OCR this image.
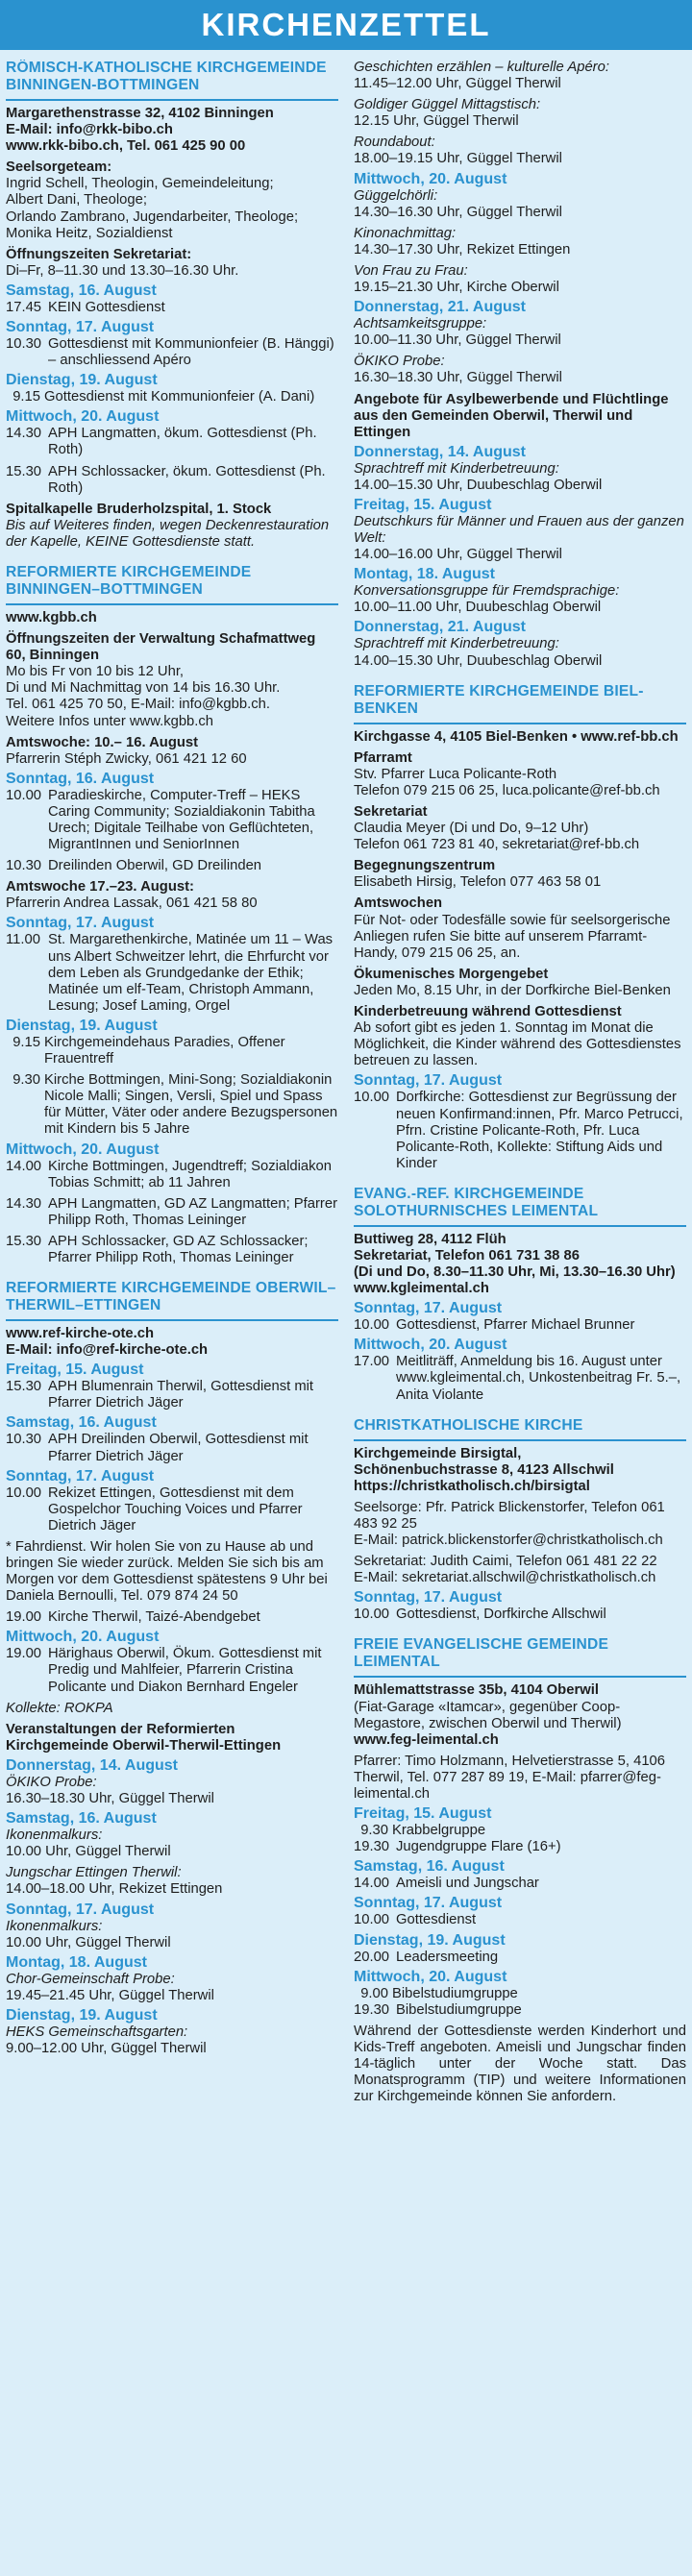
KIRCHENZETTEL
RÖMISCH-KATHOLISCHE KIRCHGEMEINDE BINNINGEN-BOTTMINGEN
Margarethenstrasse 32, 4102 Binningen
E-Mail: info@rkk-bibo.ch
www.rkk-bibo.ch, Tel. 061 425 90 00
Seelsorgeteam:
Ingrid Schell, Theologin, Gemeindeleitung;
Albert Dani, Theologe;
Orlando Zambrano, Jugendarbeiter, Theologe;
Monika Heitz, Sozialdienst
Öffnungszeiten Sekretariat:
Di–Fr, 8–11.30 und 13.30–16.30 Uhr.
Samstag, 16. August
17.45 KEIN Gottesdienst
Sonntag, 17. August
10.30 Gottesdienst mit Kommunionfeier (B. Hänggi) – anschliessend Apéro
Dienstag, 19. August
9.15 Gottesdienst mit Kommunionfeier (A. Dani)
Mittwoch, 20. August
14.30 APH Langmatten, ökum. Gottesdienst (Ph. Roth)
15.30 APH Schlossacker, ökum. Gottesdienst (Ph. Roth)
Spitalkapelle Bruderholzspital, 1. Stock
Bis auf Weiteres finden, wegen Deckenrestauration der Kapelle, KEINE Gottesdienste statt.
REFORMIERTE KIRCHGEMEINDE BINNINGEN–BOTTMINGEN
www.kgbb.ch
Öffnungszeiten der Verwaltung Schafmattweg 60, Binningen
Mo bis Fr von 10 bis 12 Uhr,
Di und Mi Nachmittag von 14 bis 16.30 Uhr.
Tel. 061 425 70 50, E-Mail: info@kgbb.ch.
Weitere Infos unter www.kgbb.ch
Amtswoche: 10.– 16. August
Pfarrerin Stéph Zwicky, 061 421 12 60
Sonntag, 16. August
10.00 Paradieskirche, Computer-Treff – HEKS Caring Community; Sozialdiakonin Tabitha Urech; Digitale Teilhabe von Geflüchteten, MigrantInnen und SeniorInnen
10.30 Dreilinden Oberwil, GD Dreilinden
Amtswoche 17.–23. August:
Pfarrerin Andrea Lassak, 061 421 58 80
Sonntag, 17. August
11.00 St. Margarethenkirche, Matinée um 11 – Was uns Albert Schweitzer lehrt, die Ehrfurcht vor dem Leben als Grundgedanke der Ethik; Matinée um elf-Team, Christoph Ammann, Lesung; Josef Laming, Orgel
Dienstag, 19. August
9.15 Kirchgemeindehaus Paradies, Offener Frauentreff
9.30 Kirche Bottmingen, Mini-Song; Sozialdiakonin Nicole Malli; Singen, Versli, Spiel und Spass für Mütter, Väter oder andere Bezugspersonen mit Kindern bis 5 Jahre
Mittwoch, 20. August
14.00 Kirche Bottmingen, Jugendtreff; Sozialdiakon Tobias Schmitt; ab 11 Jahren
14.30 APH Langmatten, GD AZ Langmatten; Pfarrer Philipp Roth, Thomas Leininger
15.30 APH Schlossacker, GD AZ Schlossacker; Pfarrer Philipp Roth, Thomas Leininger
REFORMIERTE KIRCHGEMEINDE OBERWIL–THERWIL–ETTINGEN
www.ref-kirche-ote.ch
E-Mail: info@ref-kirche-ote.ch
Freitag, 15. August
15.30 APH Blumenrain Therwil, Gottesdienst mit Pfarrer Dietrich Jäger
Samstag, 16. August
10.30 APH Dreilinden Oberwil, Gottesdienst mit Pfarrer Dietrich Jäger
Sonntag, 17. August
10.00 Rekizet Ettingen, Gottesdienst mit dem Gospelchor Touching Voices und Pfarrer Dietrich Jäger
* Fahrdienst. Wir holen Sie von zu Hause ab und bringen Sie wieder zurück. Melden Sie sich bis am Morgen vor dem Gottesdienst spätestens 9 Uhr bei Daniela Bernoulli, Tel. 079 874 24 50
19.00 Kirche Therwil, Taizé-Abendgebet
Mittwoch, 20. August
19.00 Härighaus Oberwil, Ökum. Gottesdienst mit Predig und Mahlfeier, Pfarrerin Cristina Policante und Diakon Bernhard Engeler
Kollekte: ROKPA
Veranstaltungen der Reformierten Kirchgemeinde Oberwil-Therwil-Ettingen
Donnerstag, 14. August
ÖKIKO Probe:
16.30–18.30 Uhr, Güggel Therwil
Samstag, 16. August
Ikonenmalkurs:
10.00 Uhr, Güggel Therwil
Jungschar Ettingen Therwil:
14.00–18.00 Uhr, Rekizet Ettingen
Sonntag, 17. August
Ikonenmalkurs:
10.00 Uhr, Güggel Therwil
Montag, 18. August
Chor-Gemeinschaft Probe:
19.45–21.45 Uhr, Güggel Therwil
Dienstag, 19. August
HEKS Gemeinschaftsgarten:
9.00–12.00 Uhr, Güggel Therwil
Geschichten erzählen – kulturelle Apéro:
11.45–12.00 Uhr, Güggel Therwil
Goldiger Güggel Mittagstisch:
12.15 Uhr, Güggel Therwil
Roundabout:
18.00–19.15 Uhr, Güggel Therwil
Mittwoch, 20. August
Güggelchörli:
14.30–16.30 Uhr, Güggel Therwil
Kinonachmittag:
14.30–17.30 Uhr, Rekizet Ettingen
Von Frau zu Frau:
19.15–21.30 Uhr, Kirche Oberwil
Donnerstag, 21. August
Achtsamkeitsgruppe:
10.00–11.30 Uhr, Güggel Therwil
ÖKIKO Probe:
16.30–18.30 Uhr, Güggel Therwil
Angebote für Asylbewerbende und Flüchtlinge aus den Gemeinden Oberwil, Therwil und Ettingen
Donnerstag, 14. August
Sprachtreff mit Kinderbetreuung:
14.00–15.30 Uhr, Duubeschlag Oberwil
Freitag, 15. August
Deutschkurs für Männer und Frauen aus der ganzen Welt:
14.00–16.00 Uhr, Güggel Therwil
Montag, 18. August
Konversationsgruppe für Fremdsprachige:
10.00–11.00 Uhr, Duubeschlag Oberwil
Donnerstag, 21. August
Sprachtreff mit Kinderbetreuung:
14.00–15.30 Uhr, Duubeschlag Oberwil
REFORMIERTE KIRCHGEMEINDE BIEL-BENKEN
Kirchgasse 4, 4105 Biel-Benken • www.ref-bb.ch
Pfarramt
Stv. Pfarrer Luca Policante-Roth
Telefon 079 215 06 25, luca.policante@ref-bb.ch
Sekretariat
Claudia Meyer (Di und Do, 9–12 Uhr)
Telefon 061 723 81 40, sekretariat@ref-bb.ch
Begegnungszentrum
Elisabeth Hirsig, Telefon 077 463 58 01
Amtswochen
Für Not- oder Todesfälle sowie für seelsorgerische Anliegen rufen Sie bitte auf unserem Pfarramt-Handy, 079 215 06 25, an.
Ökumenisches Morgengebet
Jeden Mo, 8.15 Uhr, in der Dorfkirche Biel-Benken
Kinderbetreuung während Gottesdienst
Ab sofort gibt es jeden 1. Sonntag im Monat die Möglichkeit, die Kinder während des Gottesdienstes betreuen zu lassen.
Sonntag, 17. August
10.00 Dorfkirche: Gottesdienst zur Begrüssung der neuen Konfirmand:innen, Pfr. Marco Petrucci, Pfrn. Cristine Policante-Roth, Pfr. Luca Policante-Roth, Kollekte: Stiftung Aids und Kinder
EVANG.-REF. KIRCHGEMEINDE SOLOTHURNISCHES LEIMENTAL
Buttiweg 28, 4112 Flüh
Sekretariat, Telefon 061 731 38 86
(Di und Do, 8.30–11.30 Uhr, Mi, 13.30–16.30 Uhr)
www.kgleimental.ch
Sonntag, 17. August
10.00 Gottesdienst, Pfarrer Michael Brunner
Mittwoch, 20. August
17.00 Meitliträff, Anmeldung bis 16. August unter www.kgleimental.ch, Unkostenbeitrag Fr. 5.–, Anita Violante
CHRISTKATHOLISCHE KIRCHE
Kirchgemeinde Birsigtal,
Schönenbuchstrasse 8, 4123 Allschwil
https://christkatholisch.ch/birsigtal
Seelsorge: Pfr. Patrick Blickenstorfer, Telefon 061 483 92 25
E-Mail: patrick.blickenstorfer@christkatholisch.ch
Sekretariat: Judith Caimi, Telefon 061 481 22 22
E-Mail: sekretariat.allschwil@christkatholisch.ch
Sonntag, 17. August
10.00 Gottesdienst, Dorfkirche Allschwil
FREIE EVANGELISCHE GEMEINDE LEIMENTAL
Mühlemattstrasse 35b, 4104 Oberwil
(Fiat-Garage «Itamcar», gegenüber Coop-Megastore, zwischen Oberwil und Therwil)
www.feg-leimental.ch
Pfarrer: Timo Holzmann, Helvetierstrasse 5, 4106 Therwil, Tel. 077 287 89 19, E-Mail: pfarrer@feg-leimental.ch
Freitag, 15. August
9.30 Krabbelgruppe
19.30 Jugendgruppe Flare (16+)
Samstag, 16. August
14.00 Ameisli und Jungschar
Sonntag, 17. August
10.00 Gottesdienst
Dienstag, 19. August
20.00 Leadersmeeting
Mittwoch, 20. August
9.00 Bibelstudiumgruppe
19.30 Bibelstudiumgruppe
Während der Gottesdienste werden Kinderhort und Kids-Treff angeboten. Ameisli und Jungschar finden 14-täglich unter der Woche statt. Das Monatsprogramm (TIP) und weitere Informationen zur Kirchgemeinde können Sie anfordern.
